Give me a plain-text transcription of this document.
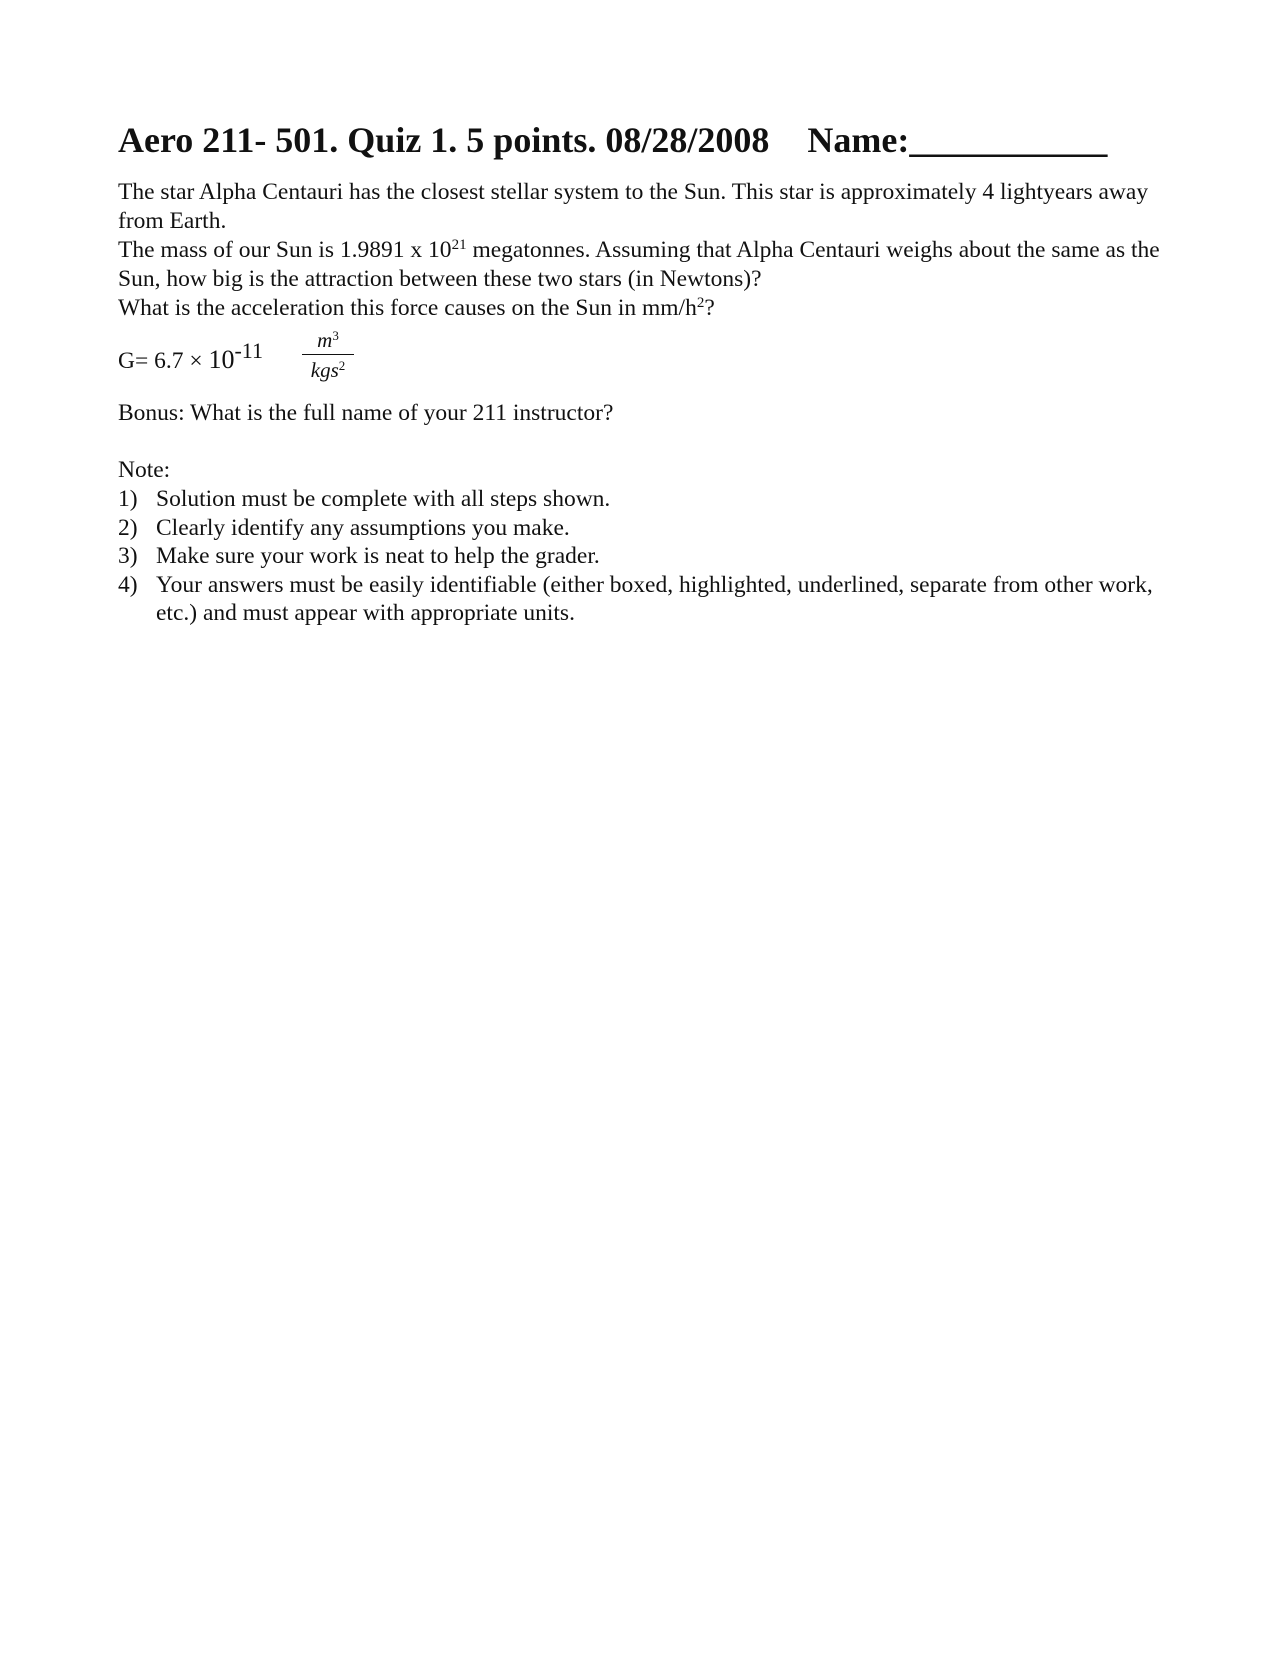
Aero 211- 501. Quiz 1. 5 points. 08/28/2008 Name:___________

The star Alpha Centauri has the closest stellar system to the Sun. This star is approximately 4 lightyears away from Earth.

The mass of our Sun is 1.9891 x $10^{21}$ megatonnes. Assuming that Alpha Centauri weighs about the same as the Sun, how big is the attraction between these two stars (in Newtons)?

What is the acceleration this force causes on the Sun in $mm/h^2$?

$G= 6.7 \times 10^{-11}$	$m^3$
kgs$^2$

Bonus: What is the full name of your 211 instructor?

Note:

1) Solution must be complete with all steps shown.
2) Clearly identify any assumptions you make.
3) Make sure your work is neat to help the grader.
4) Your answers must be easily identifiable (either boxed, highlighted, underlined, separate from other work, etc.) and must appear with appropriate units.
